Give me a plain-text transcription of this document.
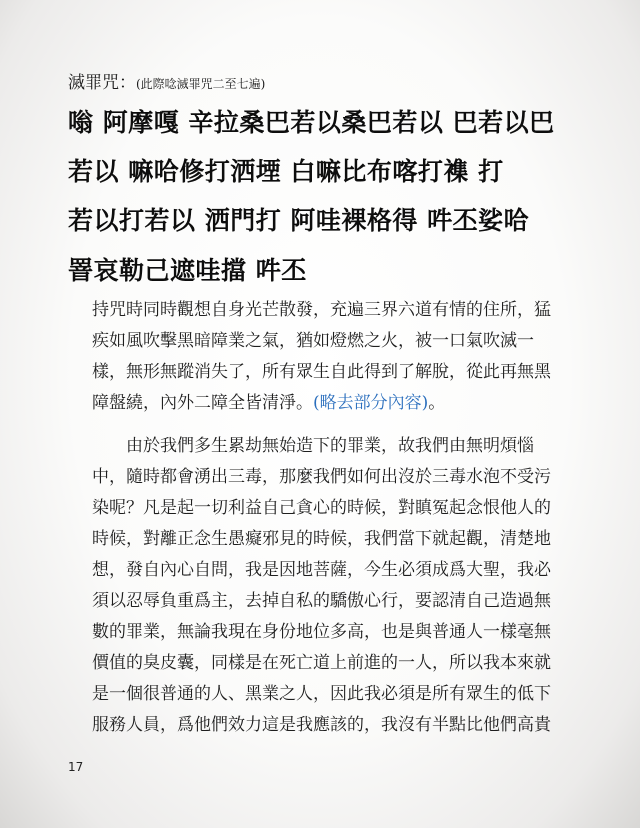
滅罪咒：(此際唸滅罪咒二至七遍)
嗡 阿摩嘎 辛拉桑巴若以桑巴若以 巴若以巴
若以 嘛哈修打洒堙 白嘛比布喀打襍 打
若以打若以 洒門打 阿哇裸格得 吽丕娑哈
罯哀勒己遮哇擋 吽丕
持咒時同時觀想自身光芒散發，充遍三界六道有情的住所，猛
疾如風吹擊黑暗障業之氣，猶如燈燃之火，被一口氣吹滅一
樣，無形無蹤消失了，所有眾生自此得到了解脫，從此再無黑
障盤繞，內外二障全皆清淨。(略去部分內容)。
由於我們多生累劫無始造下的罪業，故我們由無明煩惱
中，隨時都會湧出三毒，那麼我們如何出沒於三毒水泡不受污
染呢？凡是起一切利益自己貪心的時候，對瞋冤起念恨他人的
時候，對離正念生愚癡邪見的時候，我們當下就起觀，清楚地
想，發自內心自問，我是因地菩薩，今生必須成爲大聖，我必
須以忍辱負重爲主，去掉自私的驕傲心行，要認清自己造過無
數的罪業，無論我現在身份地位多高，也是與普通人一樣毫無
價值的臭皮囊，同樣是在死亡道上前進的一人，所以我本來就
是一個很普通的人、黑業之人，因此我必須是所有眾生的低下
服務人員，爲他們效力這是我應該的，我沒有半點比他們高貴
17
